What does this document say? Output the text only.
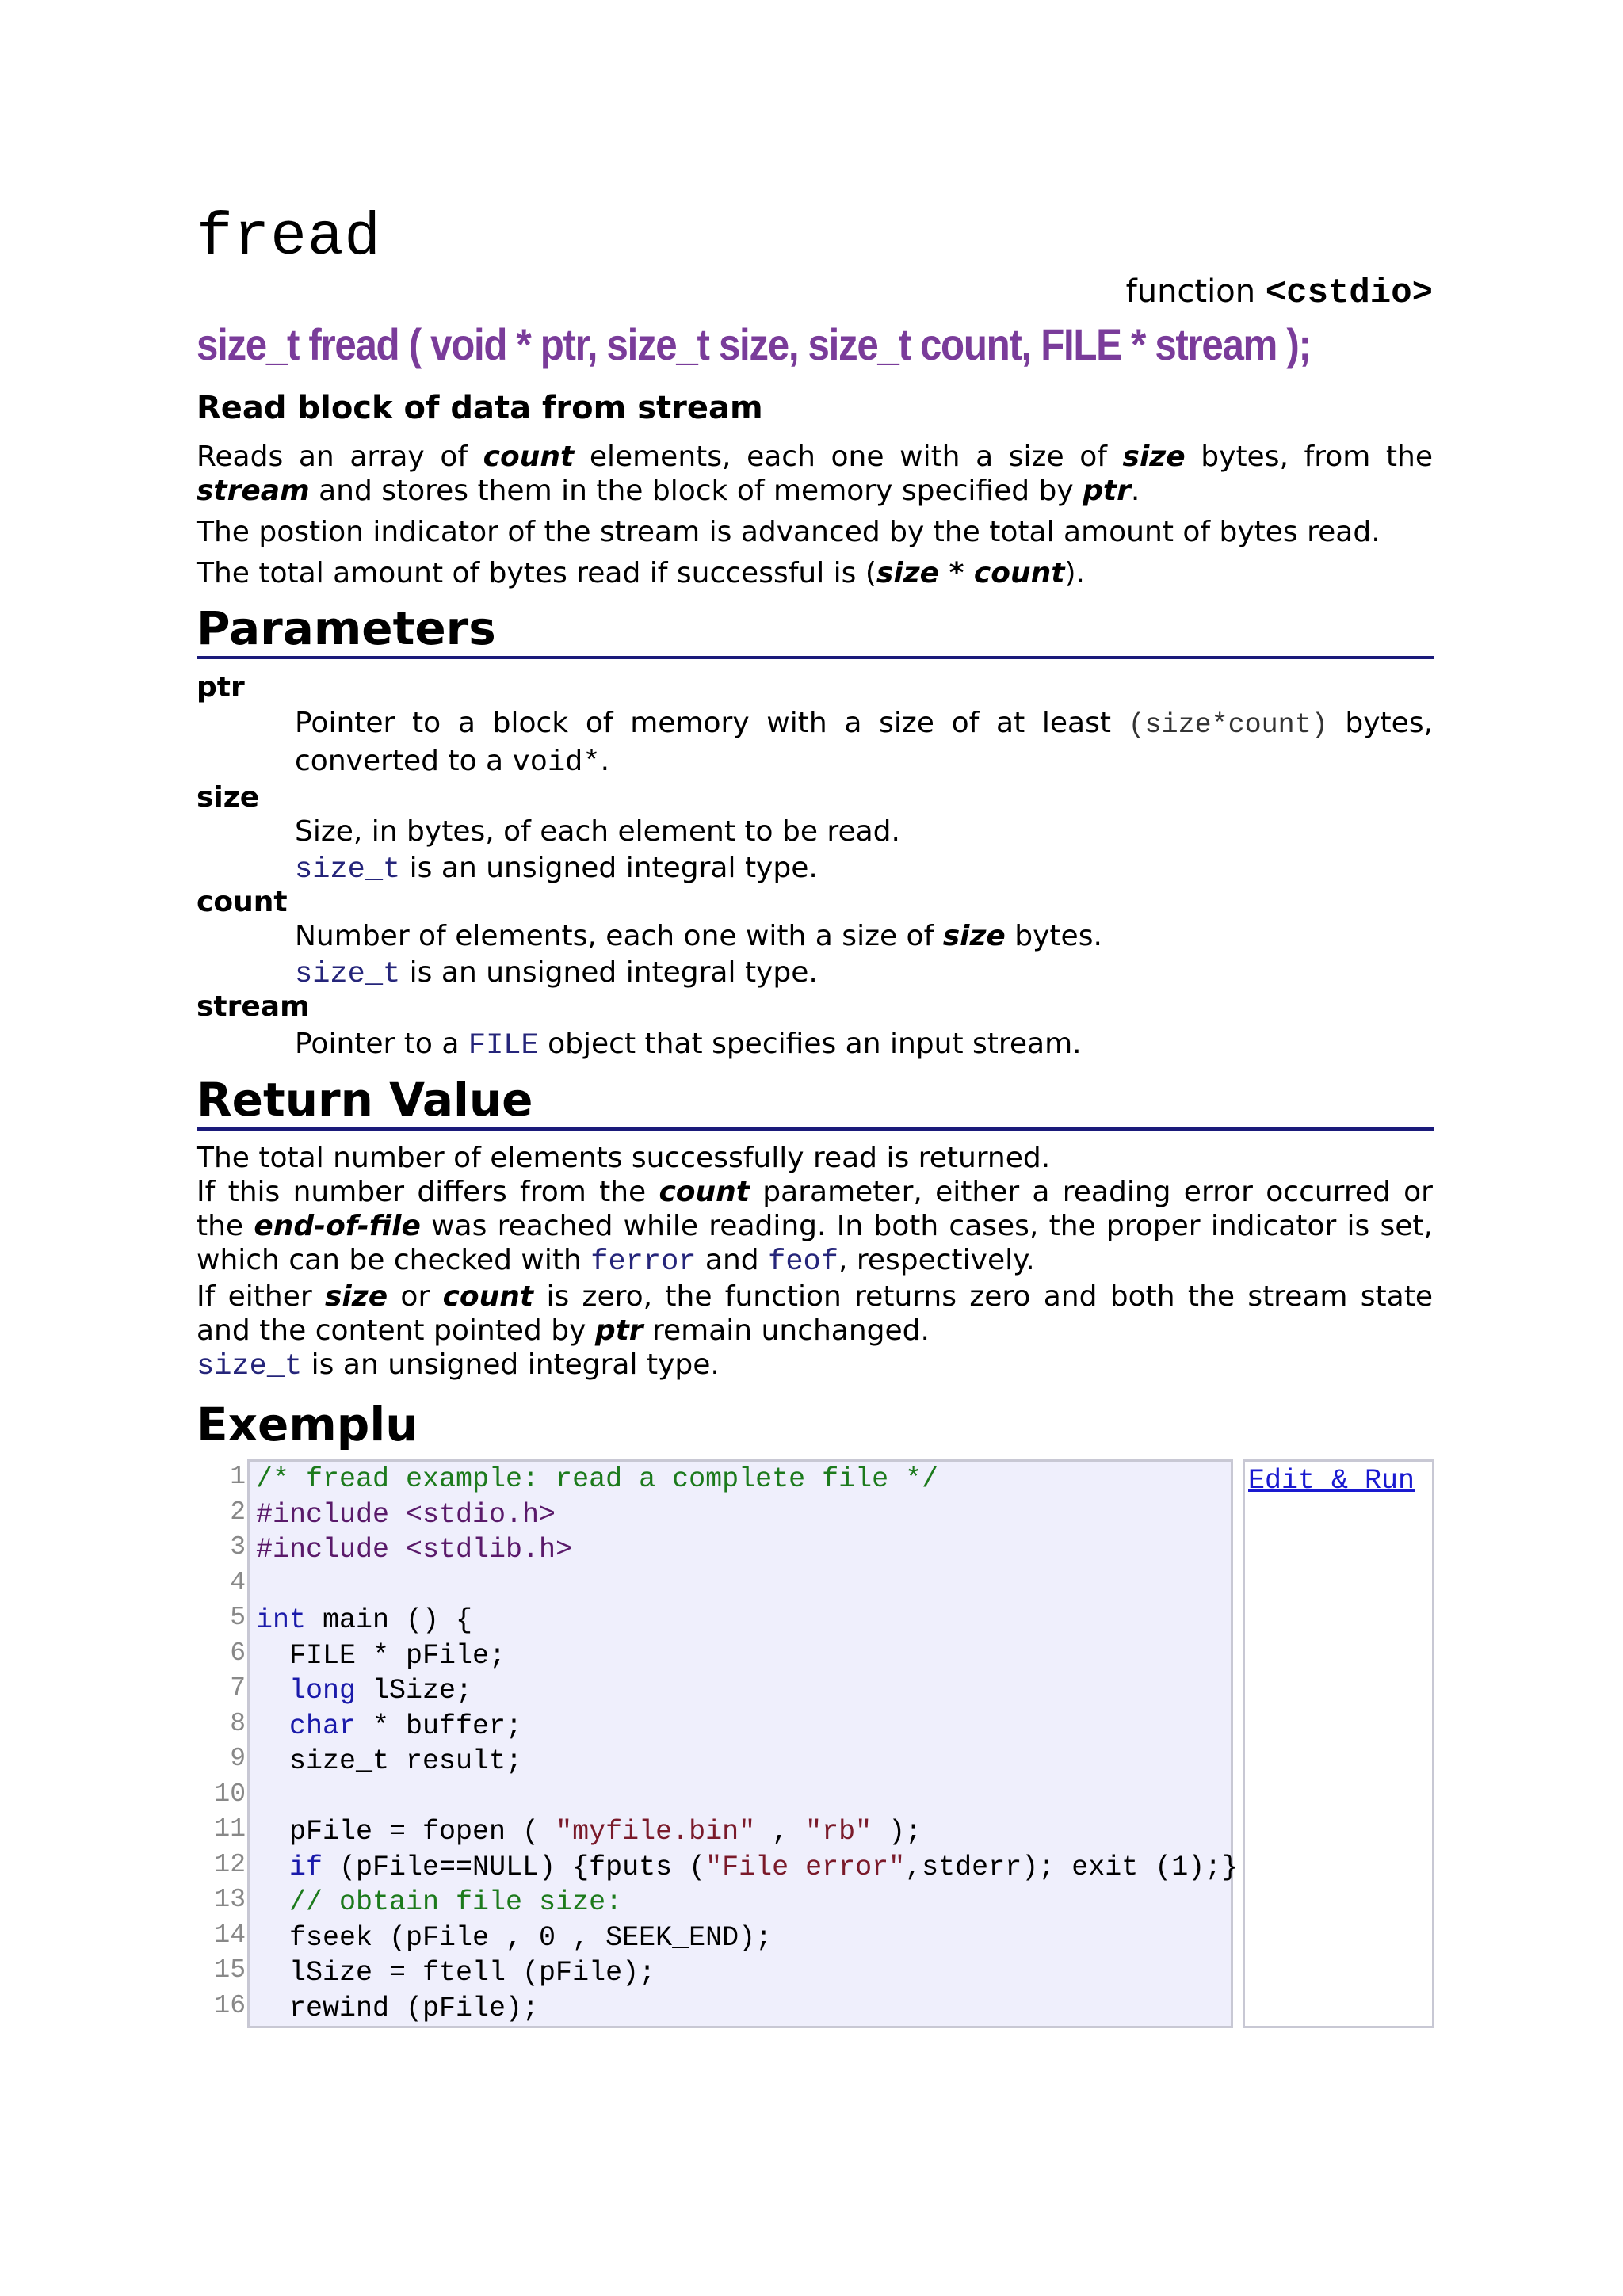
fread
function <cstdio>
size_t fread ( void * ptr, size_t size, size_t count, FILE * stream );
Read block of data from stream
Reads an array of count elements, each one with a size of size bytes, from the stream and stores them in the block of memory specified by ptr.
The postion indicator of the stream is advanced by the total amount of bytes read.
The total amount of bytes read if successful is (size * count).
Parameters
ptr
Pointer to a block of memory with a size of at least (size*count) bytes, converted to a void*.
size
Size, in bytes, of each element to be read.
size_t is an unsigned integral type.
count
Number of elements, each one with a size of size bytes.
size_t is an unsigned integral type.
stream
Pointer to a FILE object that specifies an input stream.
Return Value
The total number of elements successfully read is returned.
If this number differs from the count parameter, either a reading error occurred or the end-of-file was reached while reading. In both cases, the proper indicator is set, which can be checked with ferror and feof, respectively.
If either size or count is zero, the function returns zero and both the stream state and the content pointed by ptr remain unchanged.
size_t is an unsigned integral type.
Exemplu
1
2
3
4
5
6
7
8
9
10
11
12
13
14
15
16
/* fread example: read a complete file */
#include <stdio.h>
#include <stdlib.h>

int main () {
FILE * pFile;
long lSize;
char * buffer;
size_t result;

pFile = fopen ( "myfile.bin" , "rb" );
if (pFile==NULL) {fputs ("File error",stderr); exit (1);}
// obtain file size:
fseek (pFile , 0 , SEEK_END);
lSize = ftell (pFile);
rewind (pFile);
Edit & Run
